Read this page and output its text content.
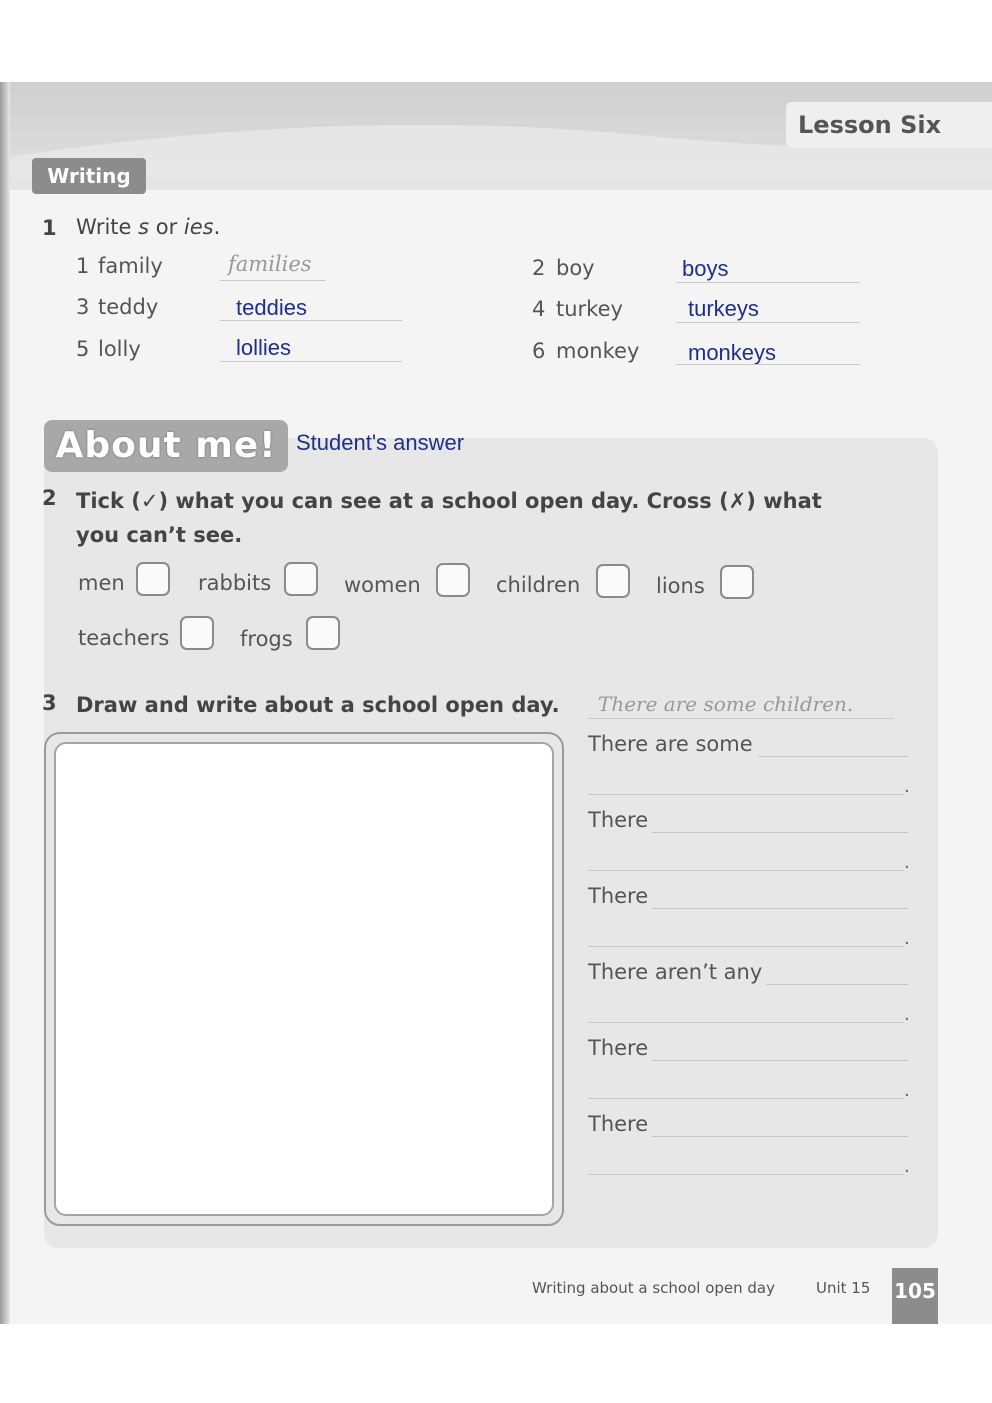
Lesson Six
Writing
1 Write s or ies.
1 family	families	2 boy	boys
3 teddy	teddies	4 turkey	turkeys
5 lolly	lollies	6 monkey monkeys
About me! Student's answer
2 Tick (✓) what you can see at a school open day. Cross (✗) what
you can’t see.
men	rabbits	women	children	lions
teachers	frogs
3 Draw and write about a school open day. There are some children.
There are some
.
There
.
There
.
There aren’t any
.
There
.
There
.
Writing about a school open day	Unit 15 105
